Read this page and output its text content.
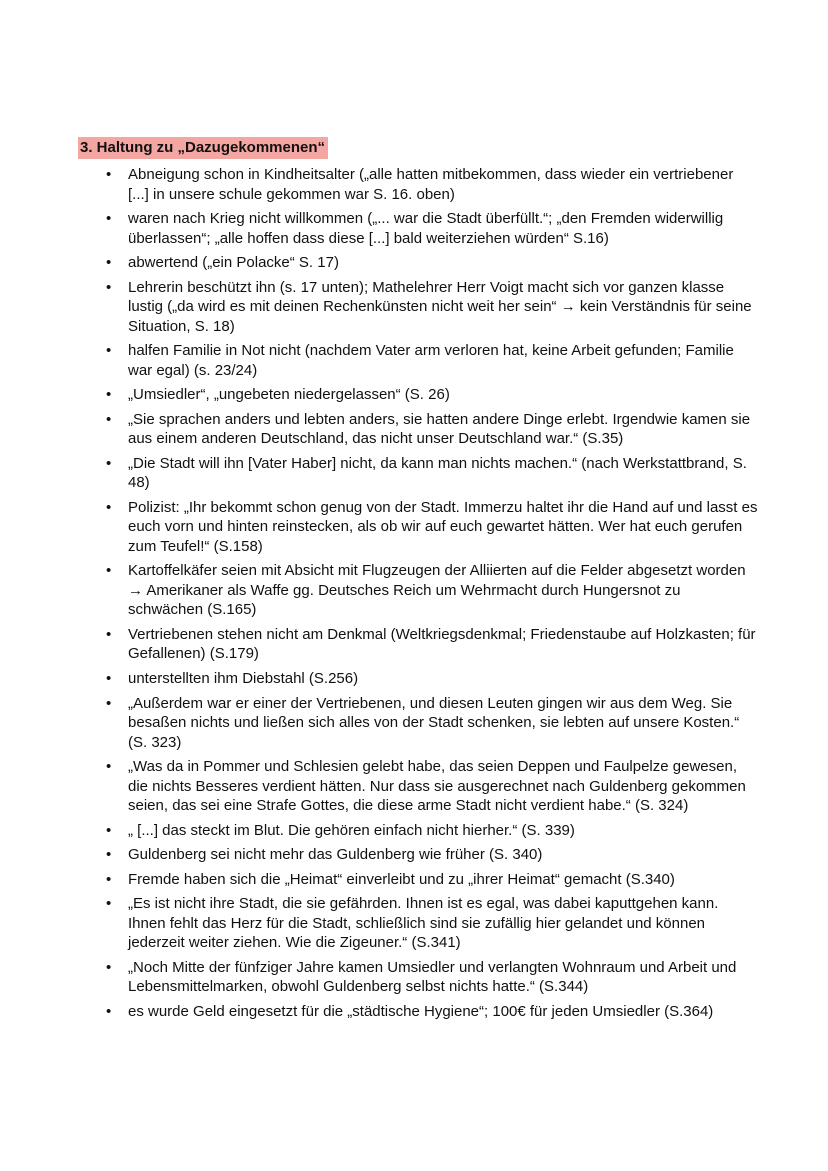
3. Haltung zu „Dazugekommenen“
•	Abneigung schon in Kindheitsalter („alle hatten mitbekommen, dass wieder ein vertriebener [...] in unsere schule gekommen war S. 16. oben)
•	waren nach Krieg nicht willkommen („... war die Stadt überfüllt.“; „den Fremden widerwillig überlassen“; „alle hoffen dass diese [...] bald weiterziehen würden“ S.16)
•	abwertend („ein Polacke“ S. 17)
•	Lehrerin beschützt ihn (s. 17 unten); Mathelehrer Herr Voigt macht sich vor ganzen klasse lustig („da wird es mit deinen Rechenkünsten nicht weit her sein“ → kein Verständnis für seine Situation, S. 18)
•	halfen Familie in Not nicht (nachdem Vater arm verloren hat, keine Arbeit gefunden; Familie war egal) (s. 23/24)
•	„Umsiedler“, „ungebeten niedergelassen“ (S. 26)
•	„Sie sprachen anders und lebten anders, sie hatten andere Dinge erlebt. Irgendwie kamen sie aus einem anderen Deutschland, das nicht unser Deutschland war.“ (S.35)
•	„Die Stadt will ihn [Vater Haber] nicht, da kann man nichts machen.“ (nach Werkstattbrand, S. 48)
•	Polizist: „Ihr bekommt schon genug von der Stadt. Immerzu haltet ihr die Hand auf und lasst es euch vorn und hinten reinstecken, als ob wir auf euch gewartet hätten. Wer hat euch gerufen zum Teufel!“ (S.158)
•	Kartoffelkäfer seien mit Absicht mit Flugzeugen der Alliierten auf die Felder abgesetzt worden → Amerikaner als Waffe gg. Deutsches Reich um Wehrmacht durch Hungersnot zu schwächen (S.165)
•	Vertriebenen stehen nicht am Denkmal (Weltkriegsdenkmal; Friedenstaube auf Holzkasten; für Gefallenen) (S.179)
•	unterstellten ihm Diebstahl (S.256)
•	„Außerdem war er einer der Vertriebenen, und diesen Leuten gingen wir aus dem Weg. Sie besaßen nichts und ließen sich alles von der Stadt schenken, sie lebten auf unsere Kosten.“ (S. 323)
•	„Was da in Pommer und Schlesien gelebt habe, das seien Deppen und Faulpelze gewesen, die nichts Besseres verdient hätten. Nur dass sie ausgerechnet nach Guldenberg gekommen seien, das sei eine Strafe Gottes, die diese arme Stadt nicht verdient habe.“ (S. 324)
•	„ [...] das steckt im Blut. Die gehören einfach nicht hierher.“ (S. 339)
•	Guldenberg sei nicht mehr das Guldenberg wie früher (S. 340)
•	Fremde haben sich die „Heimat“ einverleibt und zu „ihrer Heimat“ gemacht (S.340)
•	„Es ist nicht ihre Stadt, die sie gefährden. Ihnen ist es egal, was dabei kaputtgehen kann. Ihnen fehlt das Herz für die Stadt, schließlich sind sie zufällig hier gelandet und können jederzeit weiter ziehen. Wie die Zigeuner.“ (S.341)
•	„Noch Mitte der fünfziger Jahre kamen Umsiedler und verlangten Wohnraum und Arbeit und Lebensmittelmarken, obwohl Guldenberg selbst nichts hatte.“ (S.344)
•	es wurde Geld eingesetzt für die „städtische Hygiene“; 100€ für jeden Umsiedler (S.364)
